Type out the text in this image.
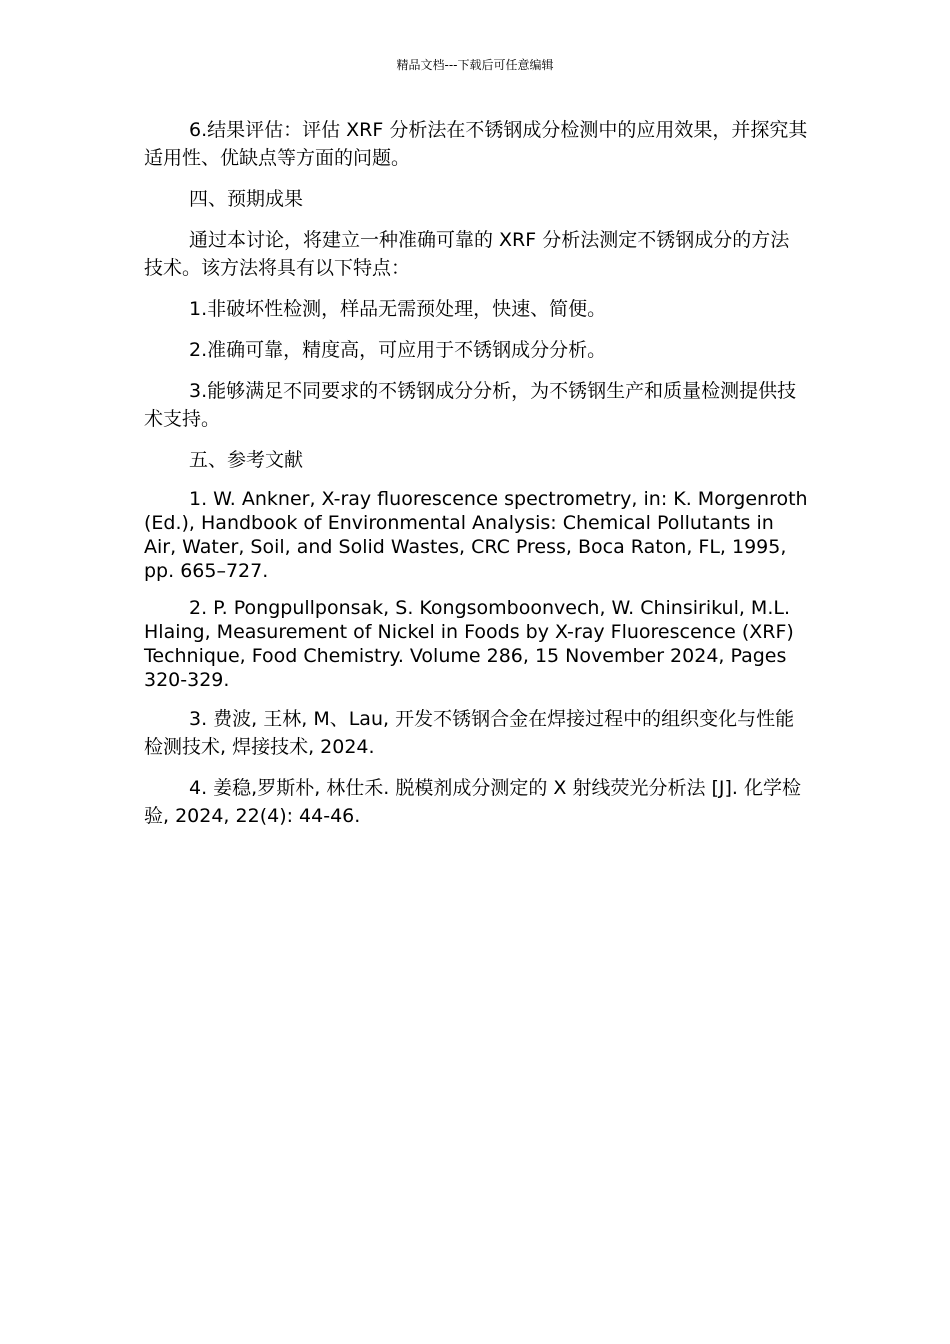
精品文档---下载后可任意编辑

6.结果评估：评估 XRF 分析法在不锈钢成分检测中的应用效果，并探究其适用性、优缺点等方面的问题。

四、预期成果

通过本讨论，将建立一种准确可靠的 XRF 分析法测定不锈钢成分的方法技术。该方法将具有以下特点：

1.非破坏性检测，样品无需预处理，快速、简便。

2.准确可靠，精度高，可应用于不锈钢成分分析。

3.能够满足不同要求的不锈钢成分分析，为不锈钢生产和质量检测提供技术支持。

五、参考文献

1. W. Ankner, X-ray fluorescence spectrometry, in: K. Morgenroth (Ed.), Handbook of Environmental Analysis: Chemical Pollutants in Air, Water, Soil, and Solid Wastes, CRC Press, Boca Raton, FL, 1995, pp. 665–727.

2. P. Pongpullponsak, S. Kongsomboonvech, W. Chinsirikul, M.L. Hlaing, Measurement of Nickel in Foods by X-ray Fluorescence (XRF) Technique, Food Chemistry. Volume 286, 15 November 2024, Pages 320-329.

3. 费波, 王林, M、Lau, 开发不锈钢合金在焊接过程中的组织变化与性能检测技术, 焊接技术, 2024.

4. 姜稳,罗斯朴, 林仕禾. 脱模剂成分测定的 X 射线荧光分析法 [J]. 化学检验, 2024, 22(4): 44-46.
